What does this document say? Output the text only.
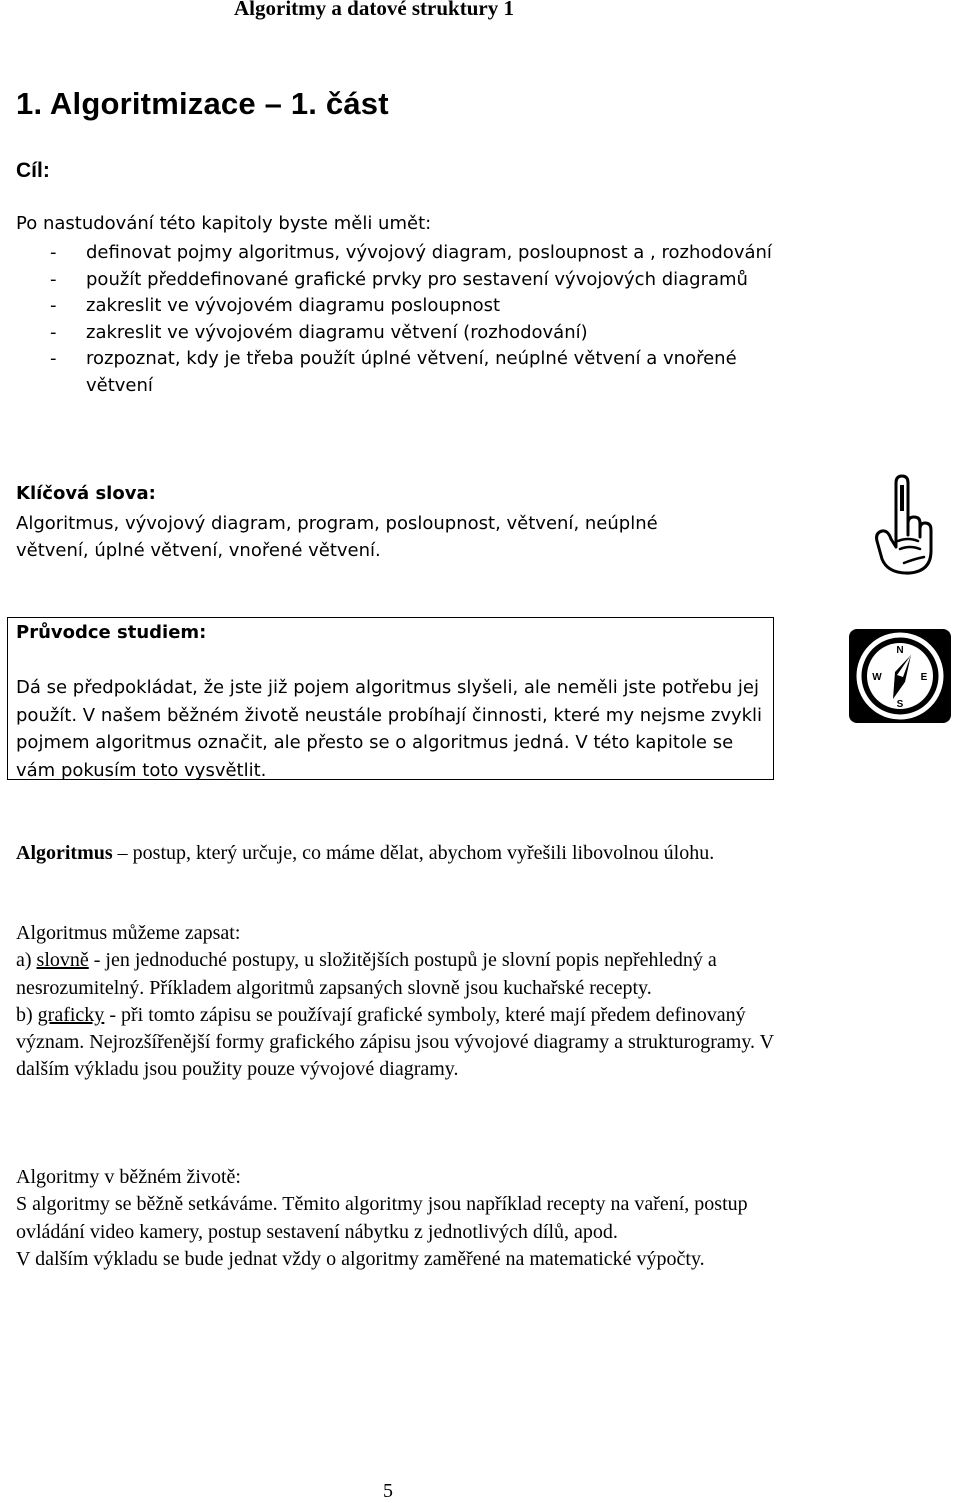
Algoritmy a datové struktury 1
1. Algoritmizace – 1. část
Cíl:
Po nastudování této kapitoly byste měli umět:
- definovat pojmy algoritmus, vývojový diagram, posloupnost a , rozhodování
- použít předdefinované grafické prvky pro sestavení vývojových diagramů
- zakreslit ve vývojovém diagramu posloupnost
- zakreslit ve vývojovém diagramu větvení (rozhodování)
- rozpoznat, kdy je třeba použít úplné větvení, neúplné větvení a vnořené větvení
Klíčová slova:
Algoritmus, vývojový diagram, program, posloupnost, větvení, neúplné větvení, úplné větvení, vnořené větvení.
Průvodce studiem:
Dá se předpokládat, že jste již pojem algoritmus slyšeli, ale neměli jste potřebu jej použít. V našem běžném životě neustále probíhají činnosti, které my nejsme zvykli pojmem algoritmus označit, ale přesto se o algoritmus jedná. V této kapitole se vám pokusím toto vysvětlit.
N
W	E
S
Algoritmus – postup, který určuje, co máme dělat, abychom vyřešili libovolnou úlohu.
Algoritmus můžeme zapsat:
a) slovně - jen jednoduché postupy, u složitějších postupů je slovní popis nepřehledný a nesrozumitelný. Příkladem algoritmů zapsaných slovně jsou kuchařské recepty.
b) graficky - při tomto zápisu se používají grafické symboly, které mají předem definovaný význam. Nejrozšířenější formy grafického zápisu jsou vývojové diagramy a strukturogramy. V dalším výkladu jsou použity pouze vývojové diagramy.
Algoritmy v běžném životě:
S algoritmy se běžně setkáváme. Těmito algoritmy jsou například recepty na vaření, postup ovládání video kamery, postup sestavení nábytku z jednotlivých dílů, apod.
V dalším výkladu se bude jednat vždy o algoritmy zaměřené na matematické výpočty.
5
